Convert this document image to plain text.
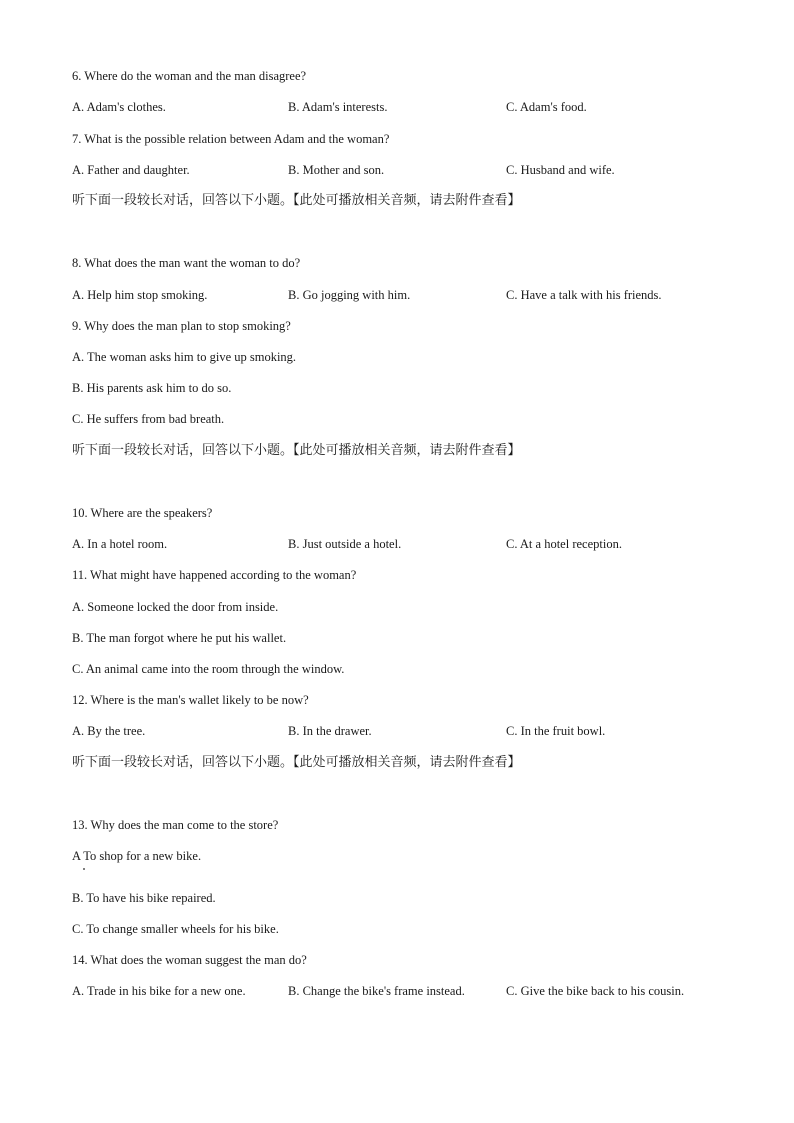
6. Where do the woman and the man disagree?
A. Adam's clothes.	B. Adam's interests.	C. Adam's food.
7. What is the possible relation between Adam and the woman?
A. Father and daughter.	B. Mother and son.	C. Husband and wife.
听下面一段较长对话，回答以下小题。【此处可播放相关音频，请去附件查看】
8. What does the man want the woman to do?
A. Help him stop smoking.	B. Go jogging with him.	C. Have a talk with his friends.
9. Why does the man plan to stop smoking?
A. The woman asks him to give up smoking.
B. His parents ask him to do so.
C. He suffers from bad breath.
听下面一段较长对话，回答以下小题。【此处可播放相关音频，请去附件查看】
10. Where are the speakers?
A. In a hotel room.	B. Just outside a hotel.	C. At a hotel reception.
11. What might have happened according to the woman?
A. Someone locked the door from inside.
B. The man forgot where he put his wallet.
C. An animal came into the room through the window.
12. Where is the man's wallet likely to be now?
A. By the tree.	B. In the drawer.	C. In the fruit bowl.
听下面一段较长对话，回答以下小题。【此处可播放相关音频，请去附件查看】
13. Why does the man come to the store?
A To shop for a new bike.
B. To have his bike repaired.
C. To change smaller wheels for his bike.
14. What does the woman suggest the man do?
A. Trade in his bike for a new one.	B. Change the bike's frame instead.	C. Give the bike back to his cousin.
